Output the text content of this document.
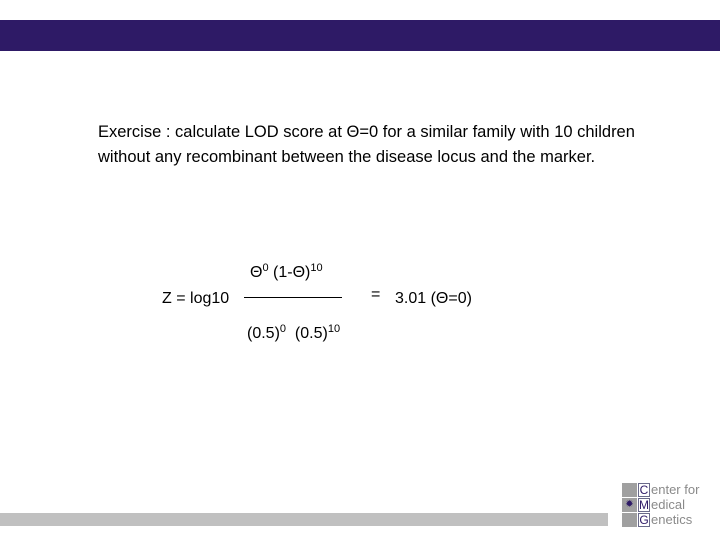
Exercise : calculate LOD score at Θ=0 for a similar family with 10 children without any recombinant between the disease locus and the marker.

$\Theta^0$ $(1-\Theta)^{10}$
Z = log10	= 3.01 (Θ=0)
$(0.5)^0$  $(0.5)^{10}$
C enter for
✹ M edical
G enetics
